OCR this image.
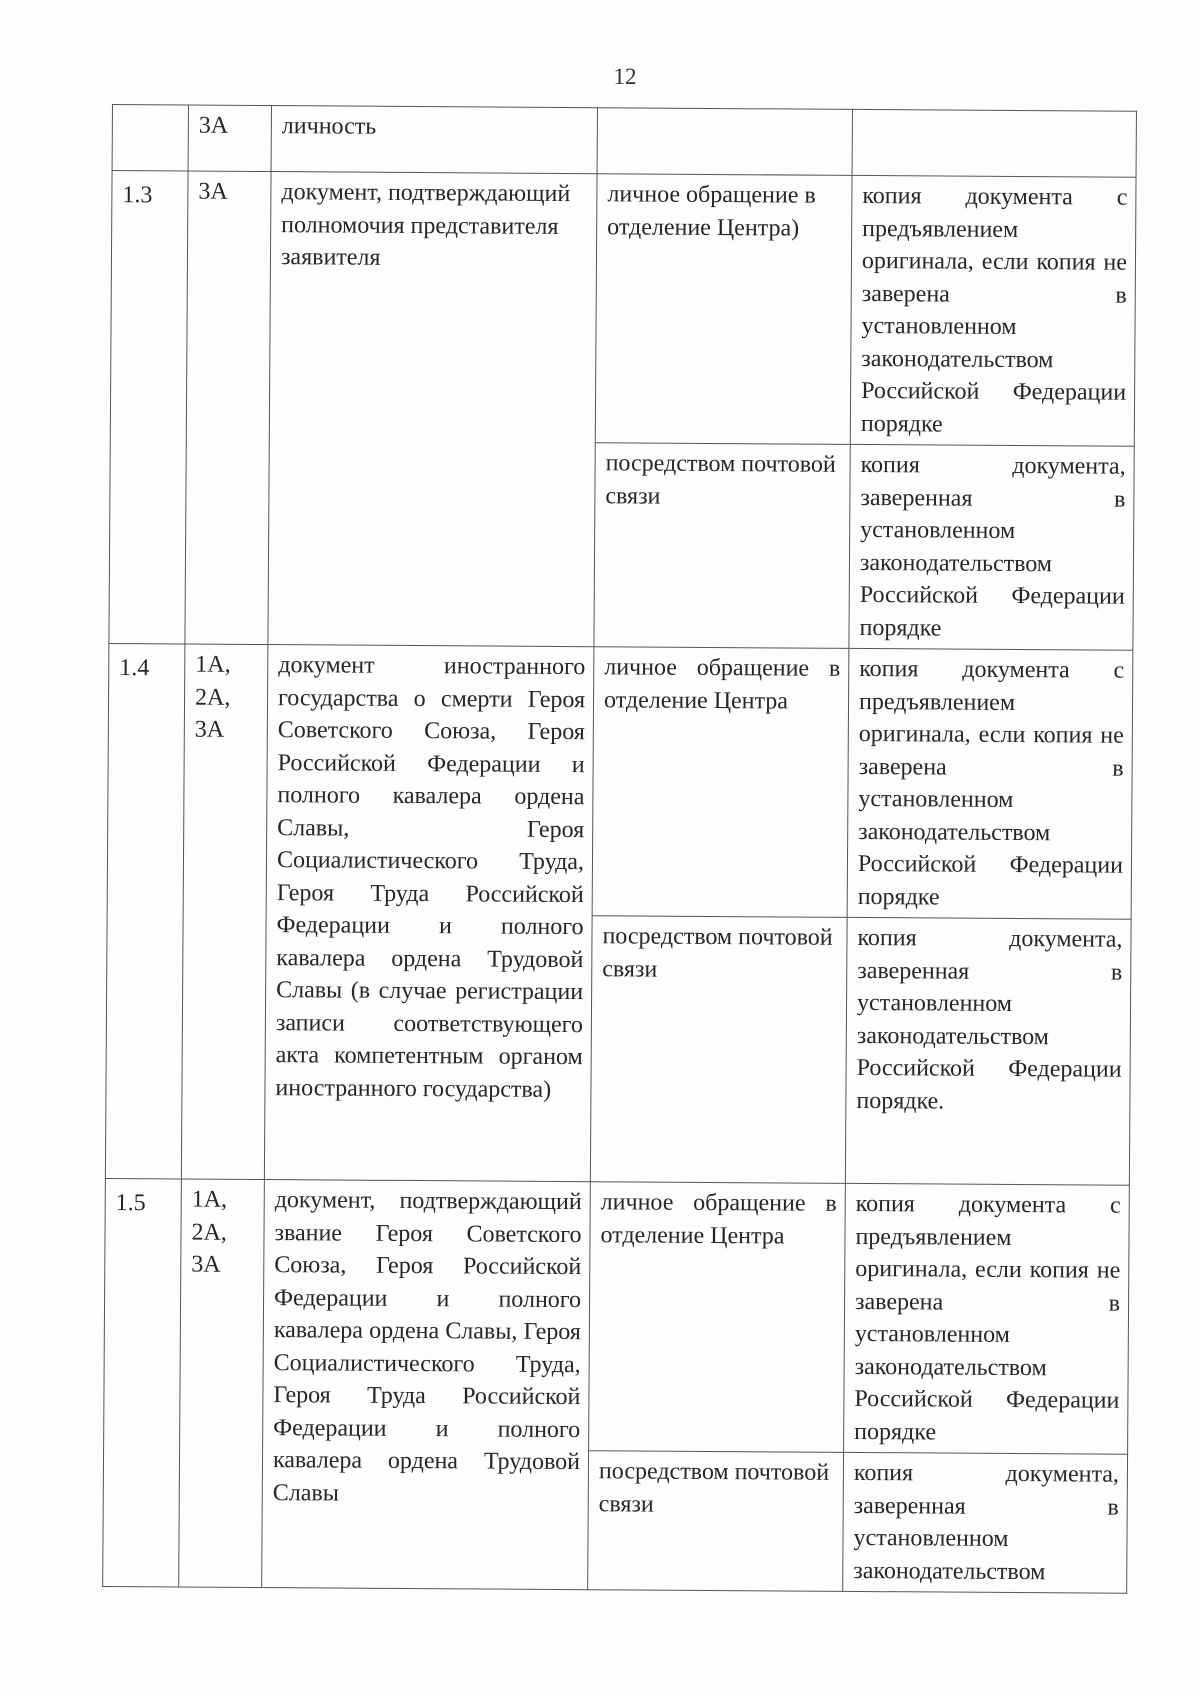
12
	3А	личность		
1.3	3А	документ, подтверждающий полномочия представителя заявителя	личное обращение в отделение Центра)	копия документа с предъявлением оригинала, если копия не заверена в установленном законодательством Российской Федерации порядке
			посредством почтовой связи	копия документа, заверенная в установленном законодательством Российской Федерации порядке
1.4	1А, 2А, 3А	документ иностранного государства о смерти Героя Советского Союза, Героя Российской Федерации и полного кавалера ордена Славы, Героя Социалистического Труда, Героя Труда Российской Федерации и полного кавалера ордена Трудовой Славы (в случае регистрации записи соответствующего акта компетентным органом иностранного государства)	личное обращение в отделение Центра	копия документа с предъявлением оригинала, если копия не заверена в установленном законодательством Российской Федерации порядке
			посредством почтовой связи	копия документа, заверенная в установленном законодательством Российской Федерации порядке.
1.5	1А, 2А, 3А	документ, подтверждающий звание Героя Советского Союза, Героя Российской Федерации и полного кавалера ордена Славы, Героя Социалистического Труда, Героя Труда Российской Федерации и полного кавалера ордена Трудовой Славы	личное обращение в отделение Центра	копия документа с предъявлением оригинала, если копия не заверена в установленном законодательством Российской Федерации порядке
			посредством почтовой связи	копия документа, заверенная в установленном законодательством
